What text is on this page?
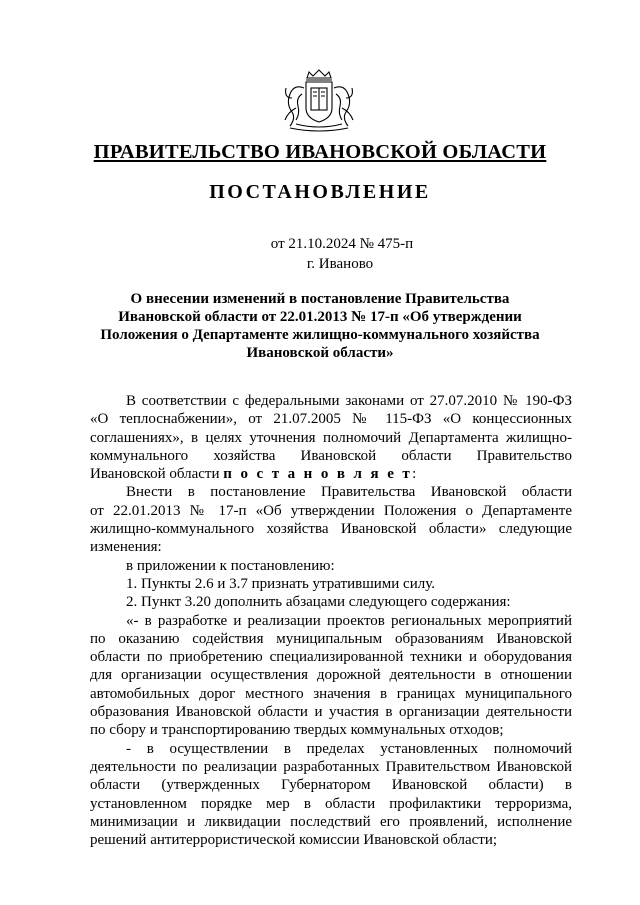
ПРАВИТЕЛЬСТВО ИВАНОВСКОЙ ОБЛАСТИ
ПОСТАНОВЛЕНИЕ
от 21.10.2024 № 475-п
г. Иваново
О внесении изменений в постановление Правительства
Ивановской области от 22.01.2013 № 17-п «Об утверждении
Положения о Департаменте жилищно-коммунального хозяйства
Ивановской области»
В соответствии с федеральными законами от 27.07.2010 № 190-ФЗ
«О теплоснабжении», от 21.07.2005 № 115-ФЗ «О концессионных
соглашениях», в целях уточнения полномочий Департамента жилищно-
коммунального хозяйства Ивановской области Правительство
Ивановской области п о с т а н о в л я е т:
Внести в постановление Правительства Ивановской области
от 22.01.2013 № 17-п «Об утверждении Положения о Департаменте
жилищно-коммунального хозяйства Ивановской области» следующие
изменения:
в приложении к постановлению:
1. Пункты 2.6 и 3.7 признать утратившими силу.
2. Пункт 3.20 дополнить абзацами следующего содержания:
«- в разработке и реализации проектов региональных мероприятий
по оказанию содействия муниципальным образованиям Ивановской
области по приобретению специализированной техники и оборудования
для организации осуществления дорожной деятельности в отношении
автомобильных дорог местного значения в границах муниципального
образования Ивановской области и участия в организации деятельности
по сбору и транспортированию твердых коммунальных отходов;
- в осуществлении в пределах установленных полномочий
деятельности по реализации разработанных Правительством Ивановской
области (утвержденных Губернатором Ивановской области) в
установленном порядке мер в области профилактики терроризма,
минимизации и ликвидации последствий его проявлений, исполнение
решений антитеррористической комиссии Ивановской области;
